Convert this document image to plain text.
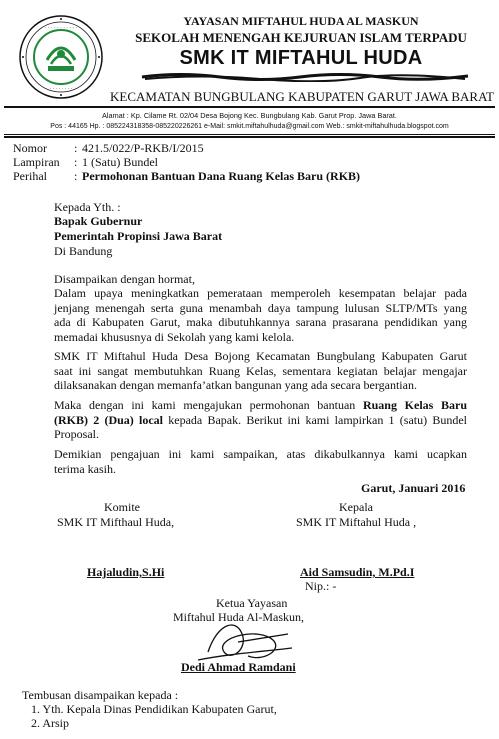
· · · · · · · · · · ·
· · · · · · · ·
YAYASAN MIFTAHUL HUDA AL MASKUN
SEKOLAH MENENGAH KEJURUAN ISLAM TERPADU
SMK IT MIFTAHUL HUDA
KECAMATAN BUNGBULANG KABUPATEN GARUT JAWA BARAT
Alamat : Kp. Cilame Rt. 02/04 Desa Bojong Kec. Bungbulang Kab. Garut Prop. Jawa Barat.
Pos : 44165 Hp. : 085224318358-085220226261 e-Mail: smkit.miftahulhuda@gmail.com Web.: smkit-miftahulhuda.blogspot.com
Nomor : 421.5/022/P-RKB/I/2015
Lampiran : 1 (Satu) Bundel
Perihal : Permohonan Bantuan Dana Ruang Kelas Baru (RKB)
Kepada Yth. :
Bapak Gubernur
Pemerintah Propinsi Jawa Barat
Di Bandung
Disampaikan dengan hormat,
Dalam upaya meningkatkan pemerataan memperoleh kesempatan belajar pada
jenjang menengah serta guna menambah daya tampung lulusan SLTP/MTs yang
ada di Kabupaten Garut, maka dibutuhkannya sarana prasarana pendidikan yang
memadai khususnya di Sekolah yang kami kelola.
SMK IT Miftahul Huda Desa Bojong Kecamatan Bungbulang Kabupaten Garut
saat ini sangat membutuhkan Ruang Kelas, sementara kegiatan belajar mengajar
dilaksanakan dengan memanfa’atkan bangunan yang ada secara bergantian.
Maka dengan ini kami mengajukan permohonan bantuan Ruang Kelas Baru
(RKB) 2 (Dua) local kepada Bapak. Berikut ini kami lampirkan 1 (satu) Bundel
Proposal.
Demikian pengajuan ini kami sampaikan, atas dikabulkannya kami ucapkan
terima kasih.
Garut, Januari 2016
Komite
SMK IT Mifthaul Huda,
Hajaludin,S.Hi
Kepala
SMK IT Miftahul Huda ,
Aid Samsudin, M.Pd.I
Nip.: -
Ketua Yayasan
Miftahul Huda Al-Maskun,
Dedi Ahmad Ramdani
Tembusan disampaikan kepada :
1. Yth. Kepala Dinas Pendidikan Kabupaten Garut,
2. Arsip
